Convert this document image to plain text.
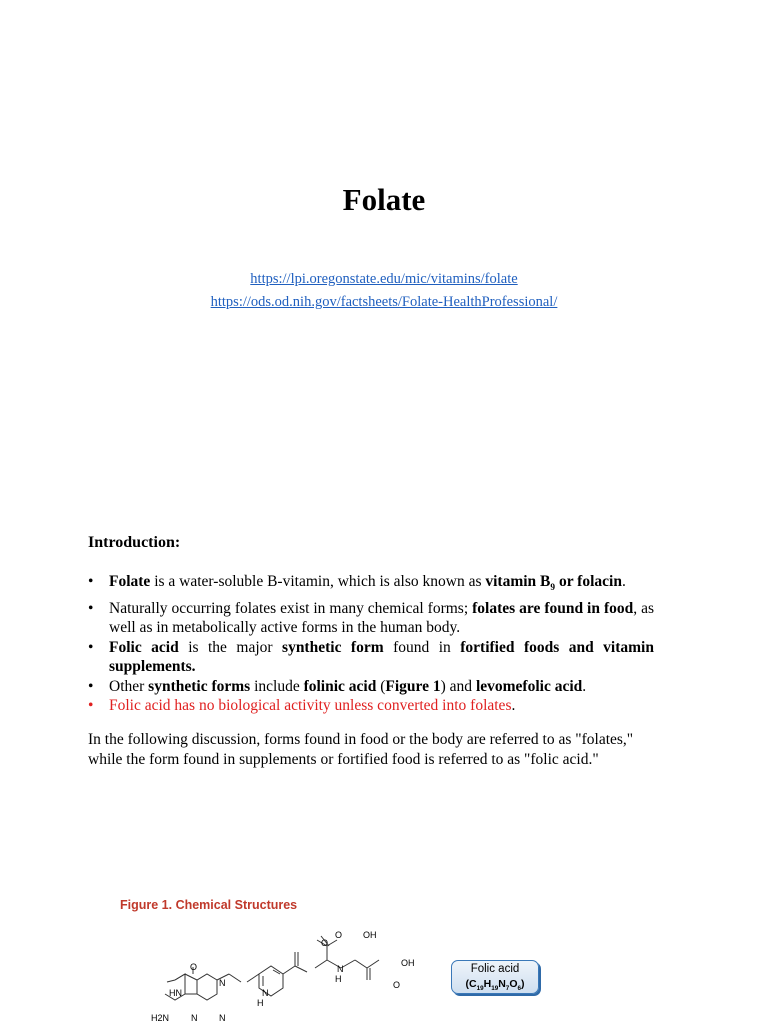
Folate
https://lpi.oregonstate.edu/mic/vitamins/folate
https://ods.od.nih.gov/factsheets/Folate-HealthProfessional/
Introduction:
• Folate is a water-soluble B-vitamin, which is also known as vitamin $B_9$ or folacin.
• Naturally occurring folates exist in many chemical forms; folates are found in food, as well as in metabolically active forms in the human body.
• Folic acid is the major synthetic form found in fortified foods and vitamin supplements.
• Other synthetic forms include folinic acid (Figure 1) and levomefolic acid.
• Folic acid has no biological activity unless converted into folates.
In the following discussion, forms found in food or the body are referred to as "folates," while the form found in supplements or fortified food is referred to as "folic acid."
Figure 1. Chemical Structures
O
HN
H2N
N
N N
N
H
O
N
H
O OH
O
OH	Folic acid
$(C_{19}H_{19}N_7O_6)$
